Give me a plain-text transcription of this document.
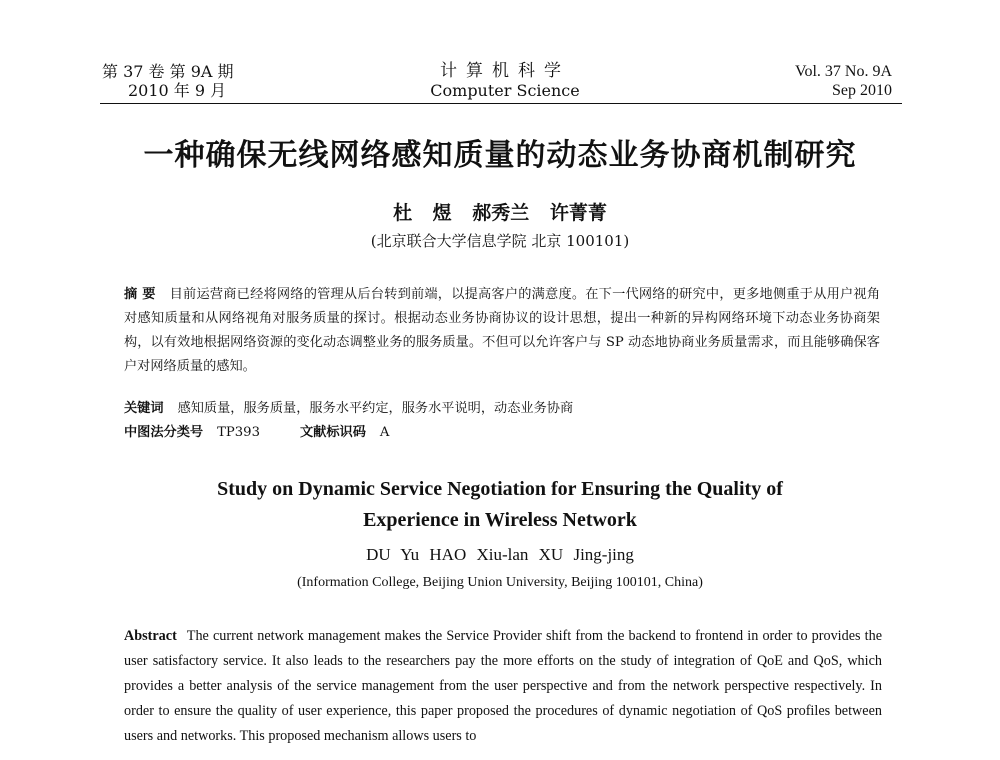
第 37 卷 第 9A 期
2010 年 9 月
计算机科学
Computer Science
Vol. 37 No. 9A
Sep 2010
一种确保无线网络感知质量的动态业务协商机制研究
杜 煜 郝秀兰 许菁菁
(北京联合大学信息学院 北京 100101)
摘 要 目前运营商已经将网络的管理从后台转到前端，以提高客户的满意度。在下一代网络的研究中，更多地侧重于从用户视角对感知质量和从网络视角对服务质量的探讨。根据动态业务协商协议的设计思想，提出一种新的异构网络环境下动态业务协商架构，以有效地根据网络资源的变化动态调整业务的服务质量。不但可以允许客户与 SP 动态地协商业务质量需求，而且能够确保客户对网络质量的感知。
关键词 感知质量，服务质量，服务水平约定，服务水平说明，动态业务协商
中图法分类号 TP393	文献标识码 A
Study on Dynamic Service Negotiation for Ensuring the Quality of
Experience in Wireless Network
DU Yu HAO Xiu-lan XU Jing-jing
(Information College, Beijing Union University, Beijing 100101, China)
Abstract The current network management makes the Service Provider shift from the backend to frontend in order to provides the user satisfactory service. It also leads to the researchers pay the more efforts on the study of integration of QoE and QoS, which provides a better analysis of the service management from the user perspective and from the network perspective respectively. In order to ensure the quality of user experience, this paper proposed the procedures of dynamic negotiation of QoS profiles between users and networks. This proposed mechanism allows users to
